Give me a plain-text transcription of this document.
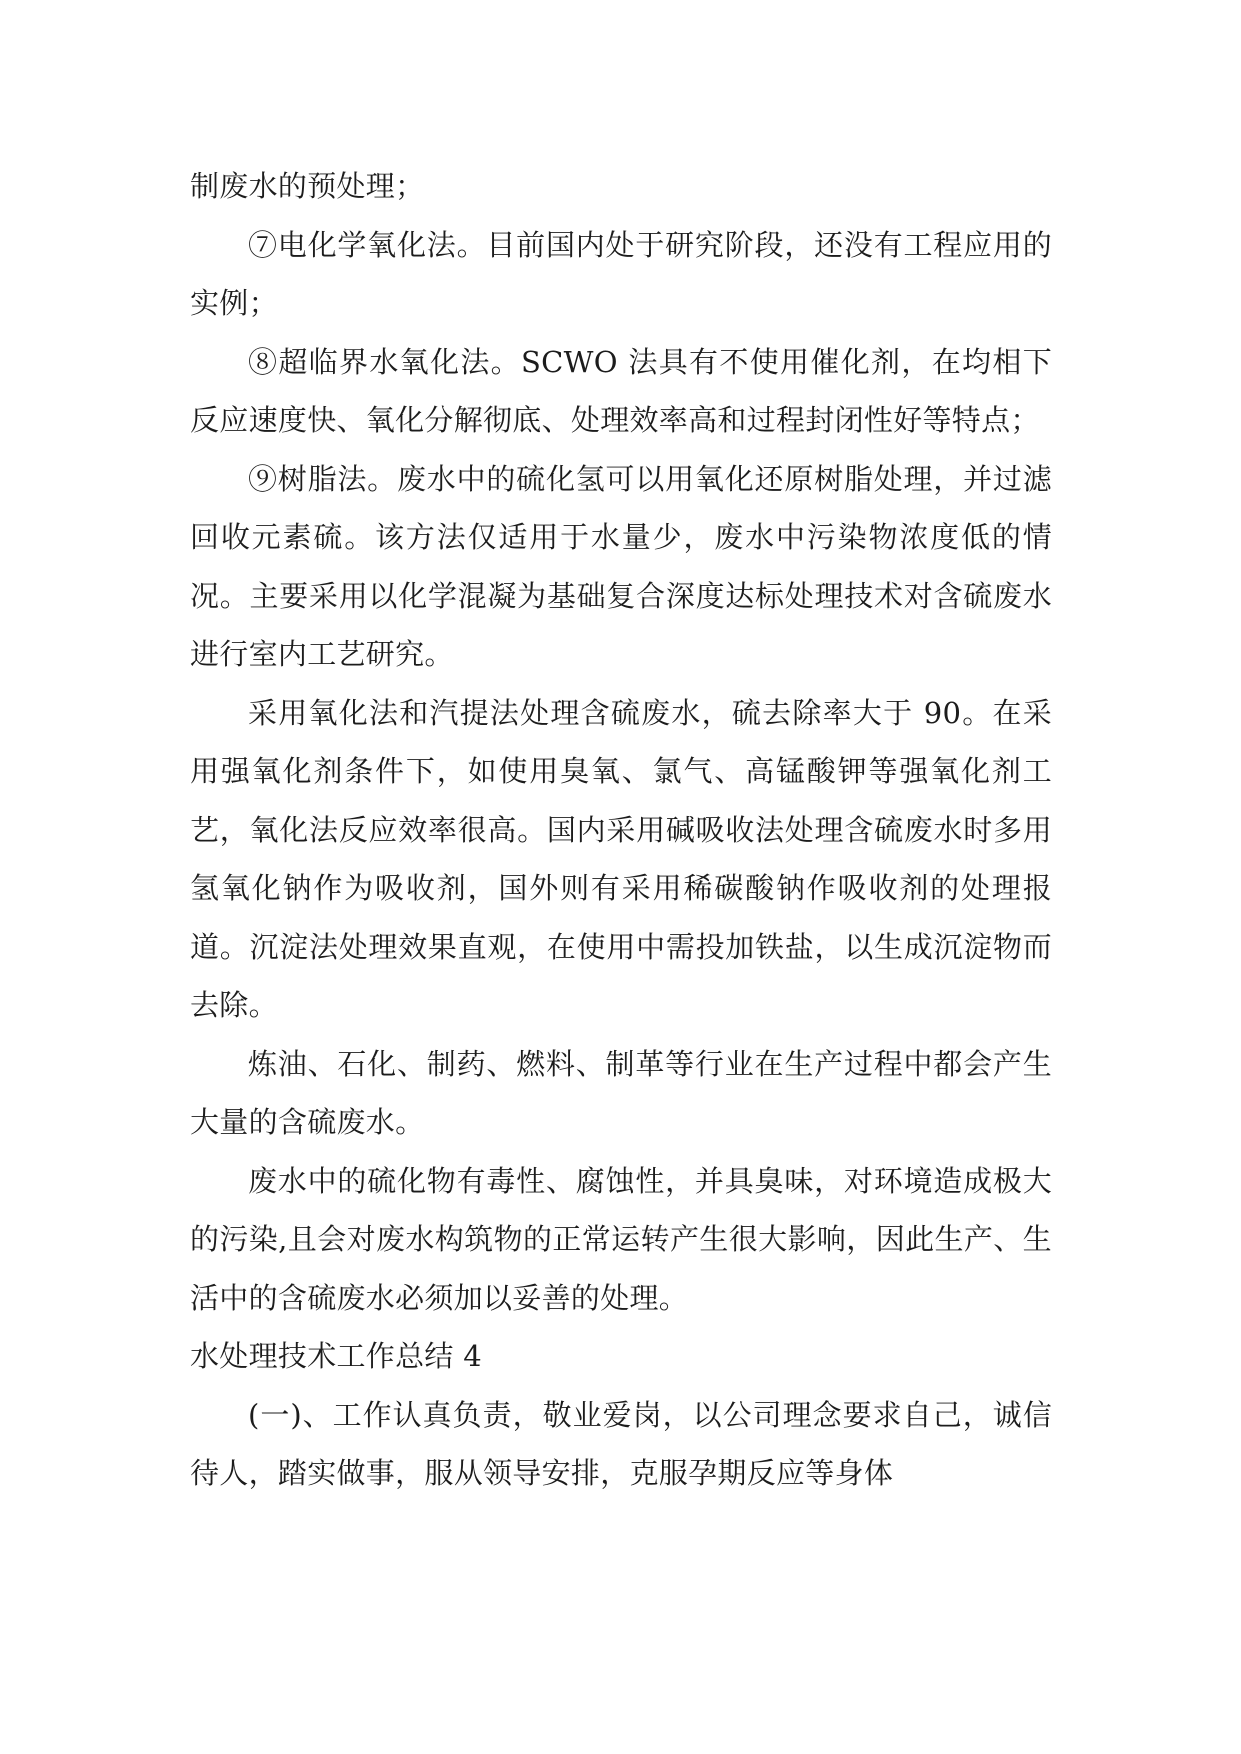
制废水的预处理；

⑦电化学氧化法。目前国内处于研究阶段，还没有工程应用的实例；

⑧超临界水氧化法。SCWO 法具有不使用催化剂，在均相下反应速度快、氧化分解彻底、处理效率高和过程封闭性好等特点；

⑨树脂法。废水中的硫化氢可以用氧化还原树脂处理，并过滤回收元素硫。该方法仅适用于水量少，废水中污染物浓度低的情况。主要采用以化学混凝为基础复合深度达标处理技术对含硫废水进行室内工艺研究。

采用氧化法和汽提法处理含硫废水，硫去除率大于 90。在采用强氧化剂条件下，如使用臭氧、氯气、高锰酸钾等强氧化剂工艺，氧化法反应效率很高。国内采用碱吸收法处理含硫废水时多用氢氧化钠作为吸收剂，国外则有采用稀碳酸钠作吸收剂的处理报道。沉淀法处理效果直观，在使用中需投加铁盐，以生成沉淀物而去除。

炼油、石化、制药、燃料、制革等行业在生产过程中都会产生大量的含硫废水。

废水中的硫化物有毒性、腐蚀性，并具臭味，对环境造成极大的污染,且会对废水构筑物的正常运转产生很大影响，因此生产、生活中的含硫废水必须加以妥善的处理。

水处理技术工作总结 4

(一)、工作认真负责，敬业爱岗，以公司理念要求自己，诚信待人，踏实做事，服从领导安排，克服孕期反应等身体
